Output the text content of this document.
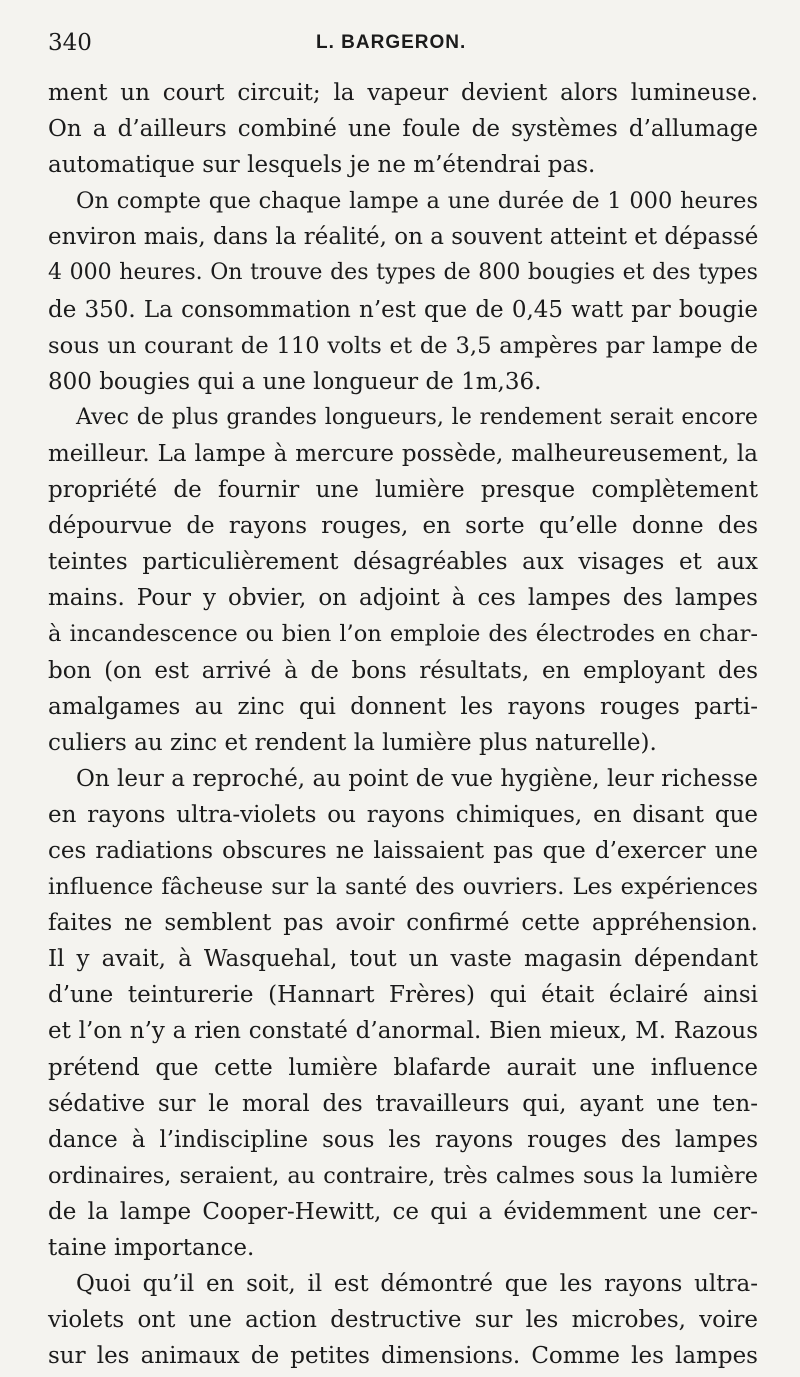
340	L. BARGERON.
ment un court circuit; la vapeur devient alors lumineuse.
On a d’ailleurs combiné une foule de systèmes d’allumage
automatique sur lesquels je ne m’étendrai pas.
On compte que chaque lampe a une durée de 1 000 heures
environ mais, dans la réalité, on a souvent atteint et dépassé
4 000 heures. On trouve des types de 800 bougies et des types
de 350. La consommation n’est que de 0,45 watt par bougie
sous un courant de 110 volts et de 3,5 ampères par lampe de
800 bougies qui a une longueur de 1m,36.
Avec de plus grandes longueurs, le rendement serait encore
meilleur. La lampe à mercure possède, malheureusement, la
propriété de fournir une lumière presque complètement
dépourvue de rayons rouges, en sorte qu’elle donne des
teintes particulièrement désagréables aux visages et aux
mains. Pour y obvier, on adjoint à ces lampes des lampes
à incandescence ou bien l’on emploie des électrodes en char-
bon (on est arrivé à de bons résultats, en employant des
amalgames au zinc qui donnent les rayons rouges parti-
culiers au zinc et rendent la lumière plus naturelle).
On leur a reproché, au point de vue hygiène, leur richesse
en rayons ultra-violets ou rayons chimiques, en disant que
ces radiations obscures ne laissaient pas que d’exercer une
influence fâcheuse sur la santé des ouvriers. Les expériences
faites ne semblent pas avoir confirmé cette appréhension.
Il y avait, à Wasquehal, tout un vaste magasin dépendant
d’une teinturerie (Hannart Frères) qui était éclairé ainsi
et l’on n’y a rien constaté d’anormal. Bien mieux, M. Razous
prétend que cette lumière blafarde aurait une influence
sédative sur le moral des travailleurs qui, ayant une ten-
dance à l’indiscipline sous les rayons rouges des lampes
ordinaires, seraient, au contraire, très calmes sous la lumière
de la lampe Cooper-Hewitt, ce qui a évidemment une cer-
taine importance.
Quoi qu’il en soit, il est démontré que les rayons ultra-
violets ont une action destructive sur les microbes, voire
sur les animaux de petites dimensions. Comme les lampes
